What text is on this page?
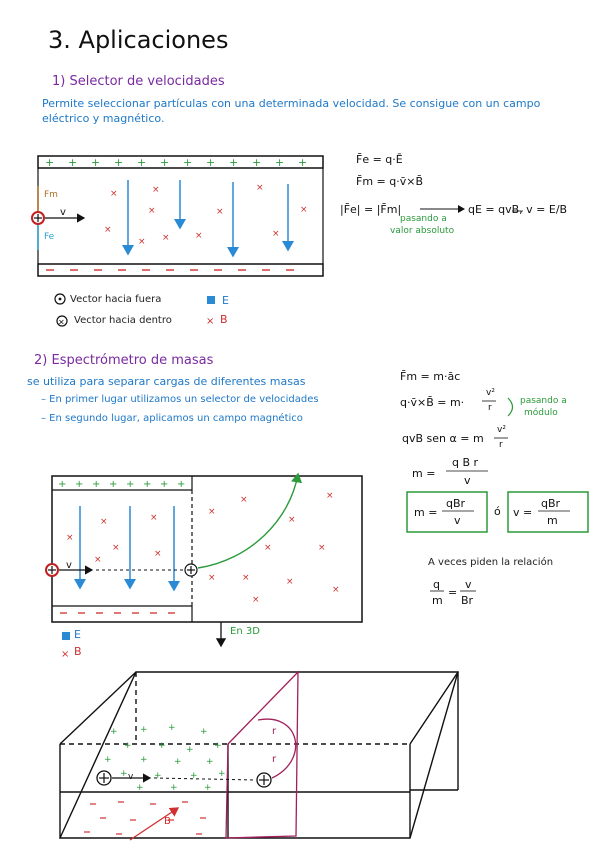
3. Aplicaciones
1) Selector de velocidades
Permite seleccionar partículas con una determinada velocidad. Se consigue con un campo
eléctrico y magnético.
F̄e = q·Ē
F̄m = q·v̄×B̄
|F̄e| = |F̄m|	qE = qvB, v = E/B
pasando a
valor absoluto
Vector hacia fuera
Vector hacia dentro
E
B
v
Fm
Fe
2) Espectrómetro de masas
se utiliza para separar cargas de diferentes masas
– En primer lugar utilizamos un selector de velocidades
– En segundo lugar, aplicamos un campo magnético
F̄m = m·āc
q·v̄×B̄ = m·
v²
r
pasando a
módulo
qvB sen α = m
v²
r
m =
q B r
v
m =
qBr
v
ó v =
qBr
m
A veces piden la relación
q
m
=
v
Br
E
B
En 3D
v
r
r
B
v
+ + + + + + + + + + + +
×	×	×
×	×	×
×
×	×
× ×
×	×
+ + + + + + + +
×
×	×
×
×
×
×	×
×
×
×	×
×	×	×
×
×
×
+ + +	+
+	+ + +
+	+	+	+
+	+	+ +
+	+	+
